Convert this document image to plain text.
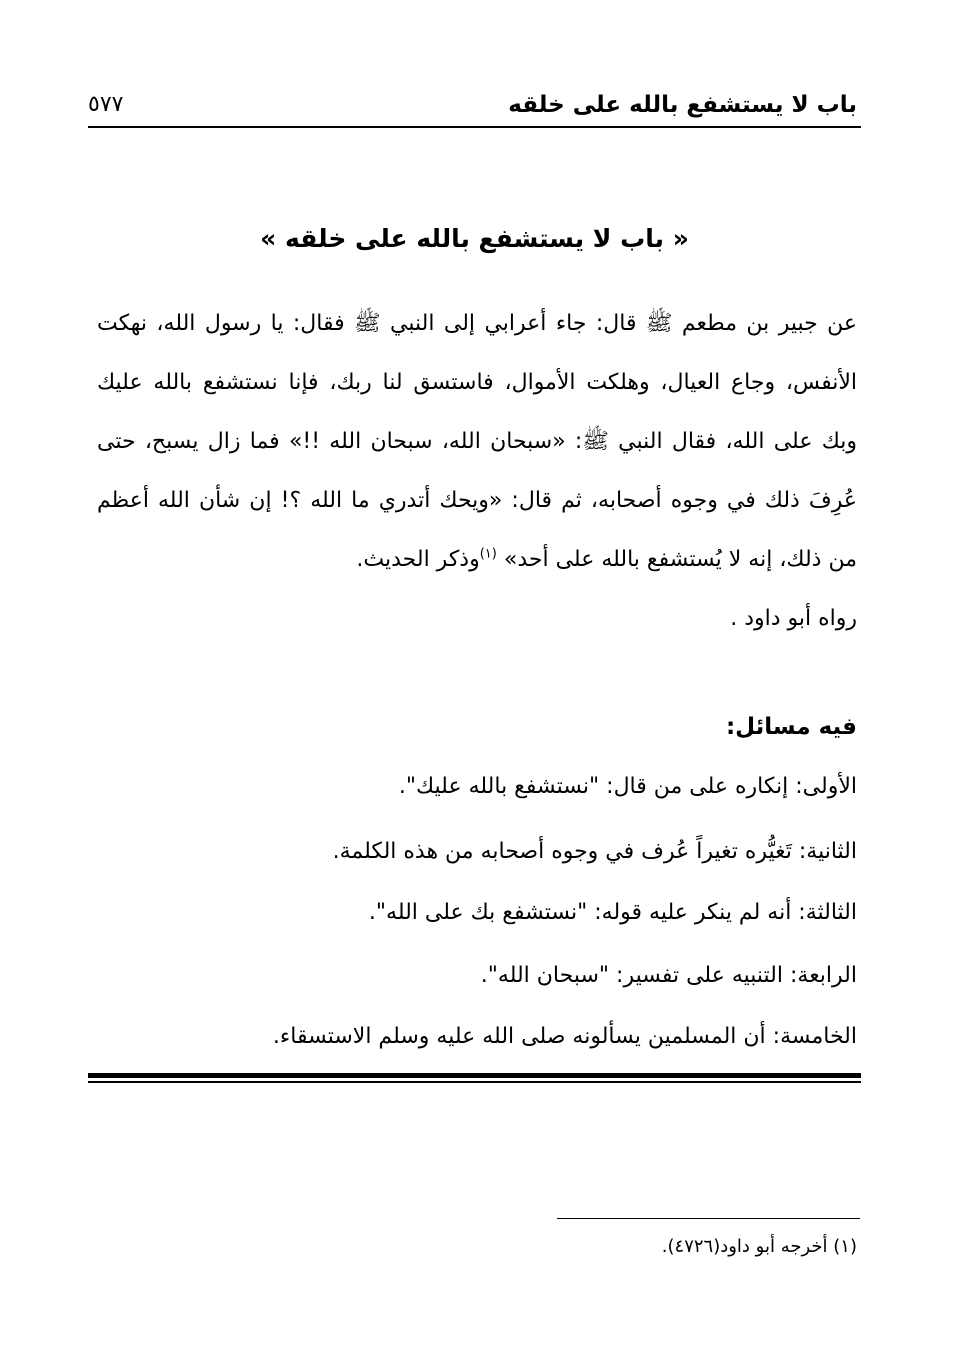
باب لا يستشفع بالله على خلقه
٥٧٧
« باب لا يستشفع بالله على خلقه »
عن جبير بن مطعم ﷺ قال: جاء أعرابي إلى النبي ﷺ فقال: يا رسول الله، نهكت الأنفس، وجاع العيال، وهلكت الأموال، فاستسق لنا ربك، فإنا نستشفع بالله عليك وبك على الله، فقال النبي ﷺ: «سبحان الله، سبحان الله !!» فما زال يسبح، حتى عُرِفَ ذلك في وجوه أصحابه، ثم قال: «ويحك أتدري ما الله ؟! إن شأن الله أعظم من ذلك، إنه لا يُستشفع بالله على أحد» $^{(١)}$وذكر الحديث.
رواه أبو داود .
فيه مسائل:
الأولى: إنكاره على من قال: "نستشفع بالله عليك".
الثانية: تَغيُّره تغيراً عُرف في وجوه أصحابه من هذه الكلمة.
الثالثة: أنه لم ينكر عليه قوله: "نستشفع بك على الله".
الرابعة: التنبيه على تفسير: "سبحان الله".
الخامسة: أن المسلمين يسألونه صلى الله عليه وسلم الاستسقاء.
(١) أخرجه أبو داود(٤٧٢٦).
